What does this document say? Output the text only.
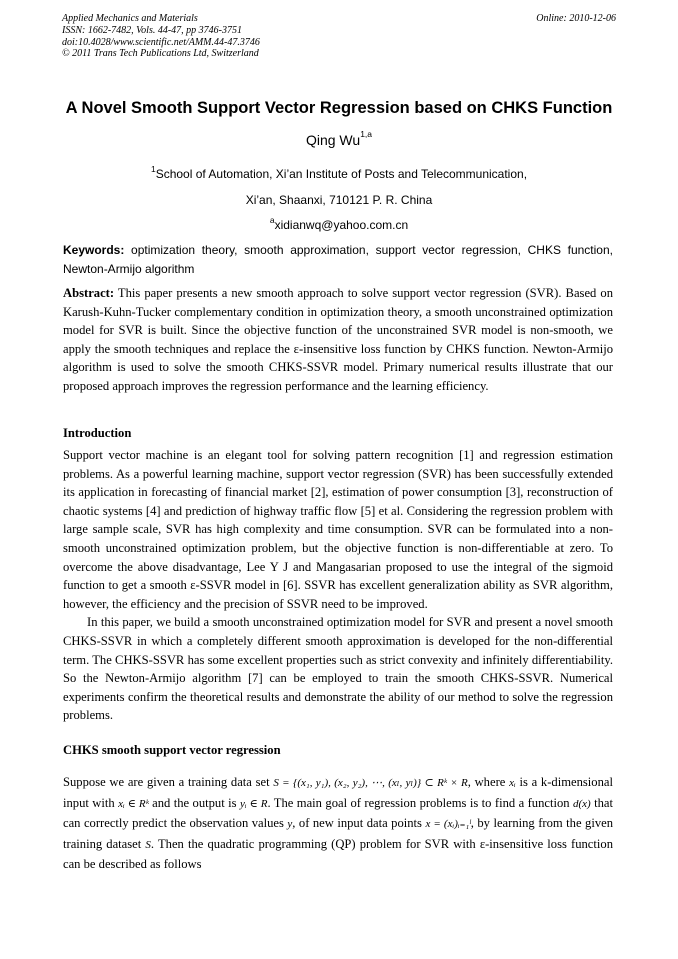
Applied Mechanics and Materials
ISSN: 1662-7482, Vols. 44-47, pp 3746-3751
doi:10.4028/www.scientific.net/AMM.44-47.3746
© 2011 Trans Tech Publications Ltd, Switzerland
Online: 2010-12-06
A Novel Smooth Support Vector Regression based on CHKS Function
Qing Wu$^{1,a}$
$^1$School of Automation, Xi’an Institute of Posts and Telecommunication,
Xi’an, Shaanxi, 710121 P. R. China
$^a$xidianwq@yahoo.com.cn
Keywords: optimization theory, smooth approximation, support vector regression, CHKS function, Newton-Armijo algorithm
Abstract: This paper presents a new smooth approach to solve support vector regression (SVR). Based on Karush-Kuhn-Tucker complementary condition in optimization theory, a smooth unconstrained optimization model for SVR is built. Since the objective function of the unconstrained SVR model is non-smooth, we apply the smooth techniques and replace the ε-insensitive loss function by CHKS function. Newton-Armijo algorithm is used to solve the smooth CHKS-SSVR model. Primary numerical results illustrate that our proposed approach improves the regression performance and the learning efficiency.
Introduction
Support vector machine is an elegant tool for solving pattern recognition [1] and regression estimation problems. As a powerful learning machine, support vector regression (SVR) has been successfully extended its application in forecasting of financial market [2], estimation of power consumption [3], reconstruction of chaotic systems [4] and prediction of highway traffic flow [5] et al. Considering the regression problem with large sample scale, SVR has high complexity and time consumption. SVR can be formulated into a non-smooth unconstrained optimization problem, but the objective function is non-differentiable at zero. To overcome the above disadvantage, Lee Y J and Mangasarian proposed to use the integral of the sigmoid function to get a smooth ε-SSVR model in [6]. SSVR has excellent generalization ability as SVR algorithm, however, the efficiency and the precision of SSVR need to be improved.
In this paper, we build a smooth unconstrained optimization model for SVR and present a novel smooth CHKS-SSVR in which a completely different smooth approximation is developed for the non-differential term. The CHKS-SSVR has some excellent properties such as strict convexity and infinitely differentiability. So the Newton-Armijo algorithm [7] can be employed to train the smooth CHKS-SSVR. Numerical experiments confirm the theoretical results and demonstrate the ability of our method to solve the regression problems.
CHKS smooth support vector regression
Suppose we are given a training data set S = {(x₁, y₁), (x₂, y₂), ⋯, (xₗ, yₗ)} ⊂ Rᵏ × R, where xᵢ is a k-dimensional input with xᵢ ∈ Rᵏ and the output is yᵢ ∈ R. The main goal of regression problems is to find a function d(x) that can correctly predict the observation values y, of new input data points x = (xᵢ)ᵢ₌₁ˡ, by learning from the given training dataset S. Then the quadratic programming (QP) problem for SVR with ε-insensitive loss function can be described as follows
